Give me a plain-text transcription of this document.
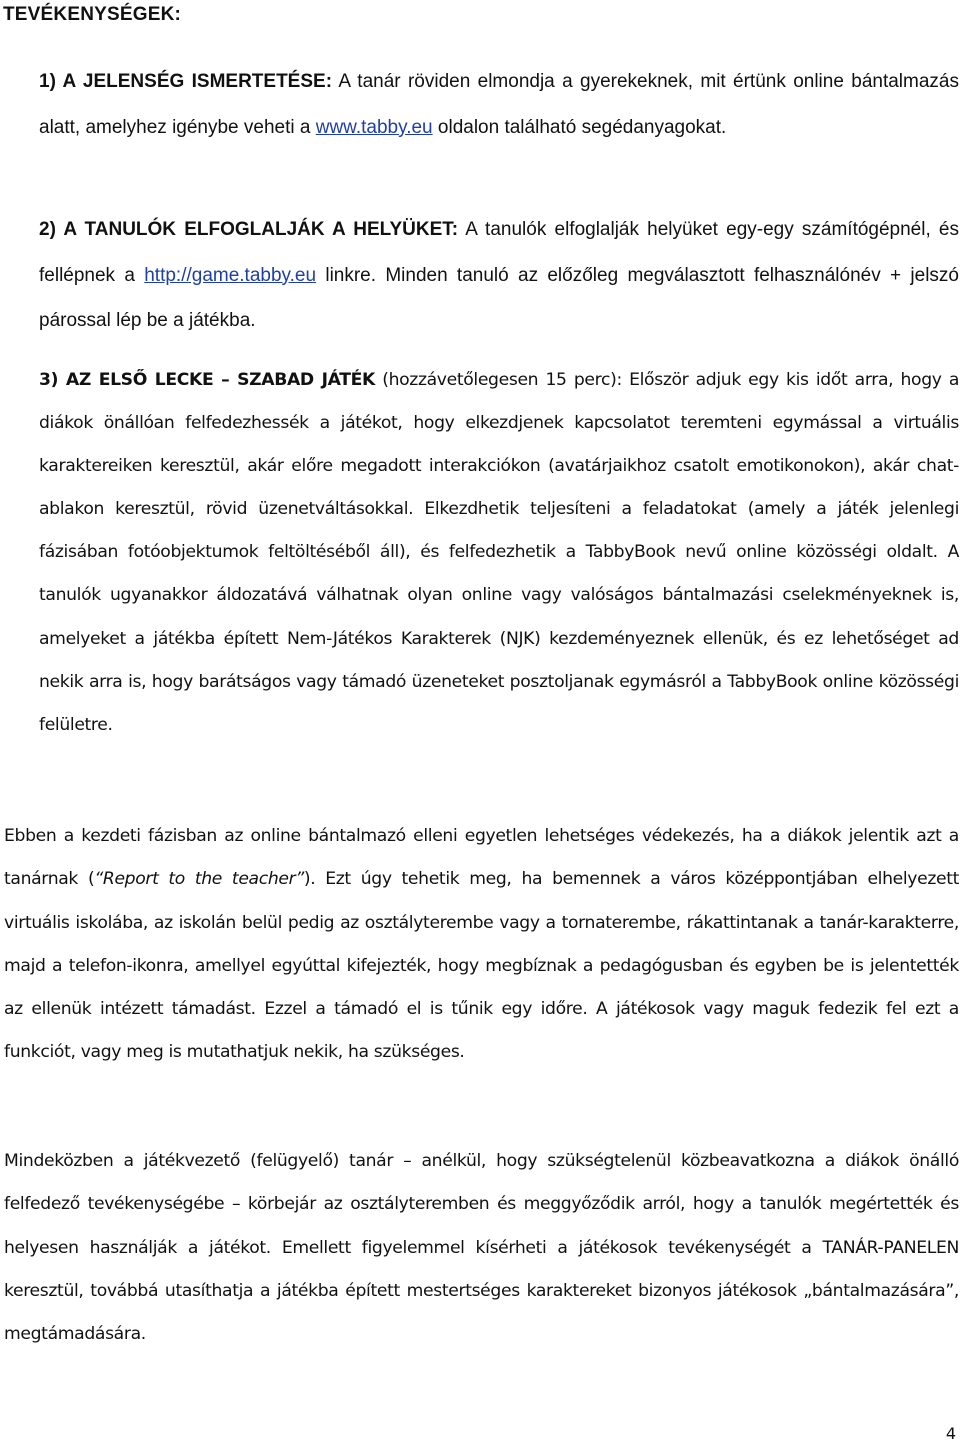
TEVÉKENYSÉGEK:

1) A JELENSÉG ISMERTETÉSE: A tanár röviden elmondja a gyerekeknek, mit értünk online bántalmazás alatt, amelyhez igénybe veheti a www.tabby.eu oldalon található segédanyagokat.

2) A TANULÓK ELFOGLALJÁK A HELYÜKET: A tanulók elfoglalják helyüket egy-egy számítógépnél, és fellépnek a http://game.tabby.eu linkre. Minden tanuló az előzőleg megválasztott felhasználónév + jelszó párossal lép be a játékba.

3) AZ ELSŐ LECKE – SZABAD JÁTÉK (hozzávetőlegesen 15 perc): Először adjuk egy kis időt arra, hogy a diákok önállóan felfedezhessék a játékot, hogy elkezdjenek kapcsolatot teremteni egymással a virtuális karaktereiken keresztül, akár előre megadott interakciókon (avatárjaikhoz csatolt emotikonokon), akár chat-ablakon keresztül, rövid üzenetváltásokkal. Elkezdhetik teljesíteni a feladatokat (amely a játék jelenlegi fázisában fotóobjektumok feltöltéséből áll), és felfedezhetik a TabbyBook nevű online közösségi oldalt. A tanulók ugyanakkor áldozatává válhatnak olyan online vagy valóságos bántalmazási cselekményeknek is, amelyeket a játékba épített Nem-Játékos Karakterek (NJK) kezdeményeznek ellenük, és ez lehetőséget ad nekik arra is, hogy barátságos vagy támadó üzeneteket posztoljanak egymásról a TabbyBook online közösségi felületre.

Ebben a kezdeti fázisban az online bántalmazó elleni egyetlen lehetséges védekezés, ha a diákok jelentik azt a tanárnak (“Report to the teacher”). Ezt úgy tehetik meg, ha bemennek a város középpontjában elhelyezett virtuális iskolába, az iskolán belül pedig az osztályterembe vagy a tornaterembe, rákattintanak a tanár-karakterre, majd a telefon-ikonra, amellyel egyúttal kifejezték, hogy megbíznak a pedagógusban és egyben be is jelentették az ellenük intézett támadást. Ezzel a támadó el is tűnik egy időre. A játékosok vagy maguk fedezik fel ezt a funkciót, vagy meg is mutathatjuk nekik, ha szükséges.

Mindeközben a játékvezető (felügyelő) tanár – anélkül, hogy szükségtelenül közbeavatkozna a diákok önálló felfedező tevékenységébe – körbejár az osztályteremben és meggyőződik arról, hogy a tanulók megértették és helyesen használják a játékot. Emellett figyelemmel kísérheti a játékosok tevékenységét a TANÁR-PANELEN keresztül, továbbá utasíthatja a játékba épített mestertséges karaktereket bizonyos játékosok „bántalmazására”, megtámadására.

4
